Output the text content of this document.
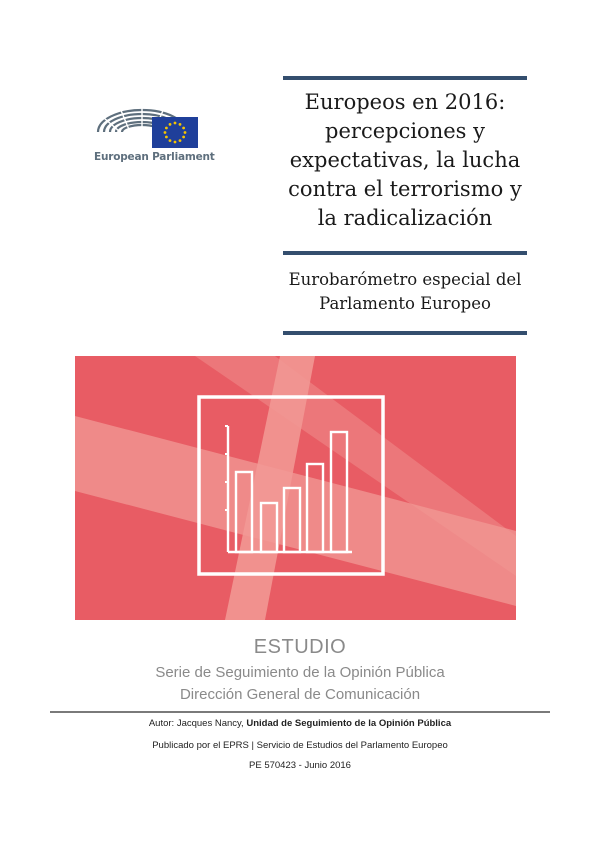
European Parliament
Europeos en 2016: percepciones y expectativas, la lucha contra el terrorismo y la radicalización
Eurobarómetro especial del Parlamento Europeo
ESTUDIO
Serie de Seguimiento de la Opinión Pública
Dirección General de Comunicación
Autor: Jacques Nancy, Unidad de Seguimiento de la Opinión Pública
Publicado por el EPRS | Servicio de Estudios del Parlamento Europeo
PE 570423 - Junio 2016
